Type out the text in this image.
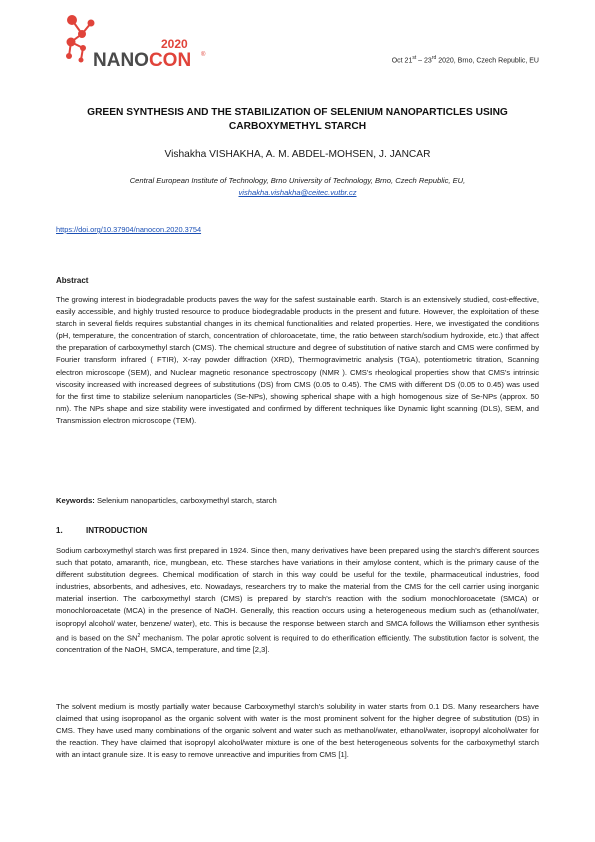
2020
NANOCON ®
Oct 21st – 23rd 2020, Brno, Czech Republic, EU
GREEN SYNTHESIS AND THE STABILIZATION OF SELENIUM NANOPARTICLES USING CARBOXYMETHYL STARCH
Vishakha VISHAKHA, A. M. ABDEL-MOHSEN, J. JANCAR
Central European Institute of Technology, Brno University of Technology, Brno, Czech Republic, EU,
vishakha.vishakha@ceitec.vutbr.cz
https://doi.org/10.37904/nanocon.2020.3754
Abstract

The growing interest in biodegradable products paves the way for the safest sustainable earth. Starch is an extensively studied, cost-effective, easily accessible, and highly trusted resource to produce biodegradable products in the present and future. However, the exploitation of these starch in several fields requires substantial changes in its chemical functionalities and related properties. Here, we investigated the conditions (pH, temperature, the concentration of starch, concentration of chloroacetate, time, the ratio between starch/sodium hydroxide, etc.) that affect the preparation of carboxymethyl starch (CMS). The chemical structure and degree of substitution of native starch and CMS were confirmed by Fourier transform infrared ( FTIR), X-ray powder diffraction (XRD), Thermogravimetric analysis (TGA), potentiometric titration, Scanning electron microscope (SEM), and Nuclear magnetic resonance spectroscopy (NMR ). CMS's rheological properties show that CMS's intrinsic viscosity increased with increased degrees of substitutions (DS) from CMS (0.05 to 0.45). The CMS with different DS (0.05 to 0.45) was used for the first time to stabilize selenium nanoparticles (Se-NPs), showing spherical shape with a high homogenous size of Se-NPs (approx. 50 nm). The NPs shape and size stability were investigated and confirmed by different techniques like Dynamic light scanning (DLS), SEM, and Transmission electron microscope (TEM).

Keywords: Selenium nanoparticles, carboxymethyl starch, starch
1.	INTRODUCTION

Sodium carboxymethyl starch was first prepared in 1924. Since then, many derivatives have been prepared using the starch's different sources such that potato, amaranth, rice, mungbean, etc. These starches have variations in their amylose content, which is the primary cause of the different substitution degrees. Chemical modification of starch in this way could be useful for the textile, pharmaceutical industries, food industries, absorbents, and adhesives, etc. Nowadays, researchers try to make the material from the CMS for the cell carrier using inorganic material insertion. The carboxymethyl starch (CMS) is prepared by starch's reaction with the sodium monochloroacetate (SMCA) or monochloroacetate (MCA) in the presence of NaOH. Generally, this reaction occurs using a heterogeneous medium such as (ethanol/water, isopropyl alcohol/ water, benzene/ water), etc. This is because the response between starch and SMCA follows the Williamson ether synthesis and is based on the $SN^2$ mechanism. The polar aprotic solvent is required to do etherification efficiently. The substitution factor is solvent, the concentration of the NaOH, SMCA, temperature, and time [2,3].

The solvent medium is mostly partially water because Carboxymethyl starch's solubility in water starts from 0.1 DS. Many researchers have claimed that using isopropanol as the organic solvent with water is the most prominent solvent for the higher degree of substitution (DS) in CMS. They have used many combinations of the organic solvent and water such as methanol/water, ethanol/water, isopropyl alcohol/water for the reaction. They have claimed that isopropyl alcohol/water mixture is one of the best heterogeneous solvents for the carboxymethyl starch with an intact granule size. It is easy to remove unreactive and impurities from CMS [1].
